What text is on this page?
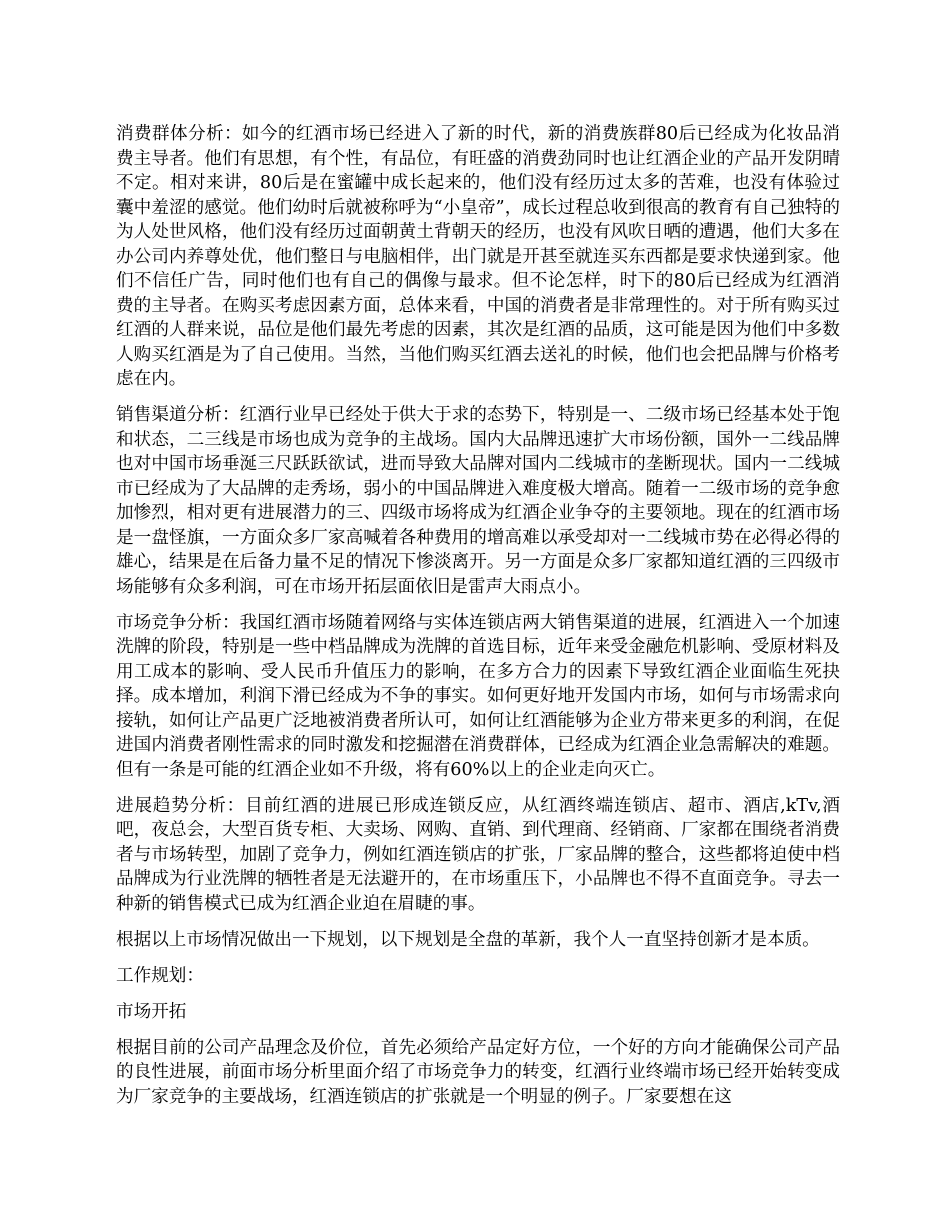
消费群体分析：如今的红酒市场已经进入了新的时代，新的消费族群80后已经成为化妆品消费主导者。他们有思想，有个性，有品位，有旺盛的消费劲同时也让红酒企业的产品开发阴晴不定。相对来讲，80后是在蜜罐中成长起来的，他们没有经历过太多的苦难，也没有体验过囊中羞涩的感觉。他们幼时后就被称呼为“小皇帝”，成长过程总收到很高的教育有自己独特的为人处世风格，他们没有经历过面朝黄土背朝天的经历，也没有风吹日晒的遭遇，他们大多在办公司内养尊处优，他们整日与电脑相伴，出门就是开甚至就连买东西都是要求快递到家。他们不信任广告，同时他们也有自己的偶像与最求。但不论怎样，时下的80后已经成为红酒消费的主导者。在购买考虑因素方面，总体来看，中国的消费者是非常理性的。对于所有购买过红酒的人群来说，品位是他们最先考虑的因素，其次是红酒的品质，这可能是因为他们中多数人购买红酒是为了自己使用。当然，当他们购买红酒去送礼的时候，他们也会把品牌与价格考虑在内。

销售渠道分析：红酒行业早已经处于供大于求的态势下，特别是一、二级市场已经基本处于饱和状态，二三线是市场也成为竞争的主战场。国内大品牌迅速扩大市场份额，国外一二线品牌也对中国市场垂涎三尺跃跃欲试，进而导致大品牌对国内二线城市的垄断现状。国内一二线城市已经成为了大品牌的走秀场，弱小的中国品牌进入难度极大增高。随着一二级市场的竞争愈加惨烈，相对更有进展潜力的三、四级市场将成为红酒企业争夺的主要领地。现在的红酒市场是一盘怪旗，一方面众多厂家高喊着各种费用的增高难以承受却对一二线城市势在必得必得的雄心，结果是在后备力量不足的情况下惨淡离开。另一方面是众多厂家都知道红酒的三四级市场能够有众多利润，可在市场开拓层面依旧是雷声大雨点小。

市场竞争分析：我国红酒市场随着网络与实体连锁店两大销售渠道的进展，红酒进入一个加速洗牌的阶段，特别是一些中档品牌成为洗牌的首选目标，近年来受金融危机影响、受原材料及用工成本的影响、受人民币升值压力的影响，在多方合力的因素下导致红酒企业面临生死抉择。成本增加，利润下滑已经成为不争的事实。如何更好地开发国内市场，如何与市场需求向接轨，如何让产品更广泛地被消费者所认可，如何让红酒能够为企业方带来更多的利润，在促进国内消费者刚性需求的同时激发和挖掘潜在消费群体，已经成为红酒企业急需解决的难题。但有一条是可能的红酒企业如不升级，将有60%以上的企业走向灭亡。

进展趋势分析：目前红酒的进展已形成连锁反应，从红酒终端连锁店、超市、酒店,kTv,酒吧，夜总会，大型百货专柜、大卖场、网购、直销、到代理商、经销商、厂家都在围绕者消费者与市场转型，加剧了竞争力，例如红酒连锁店的扩张，厂家品牌的整合，这些都将迫使中档品牌成为行业洗牌的牺牲者是无法避开的，在市场重压下，小品牌也不得不直面竞争。寻去一种新的销售模式已成为红酒企业迫在眉睫的事。

根据以上市场情况做出一下规划，以下规划是全盘的革新，我个人一直坚持创新才是本质。

工作规划：

市场开拓

根据目前的公司产品理念及价位，首先必须给产品定好方位，一个好的方向才能确保公司产品的良性进展，前面市场分析里面介绍了市场竞争力的转变，红酒行业终端市场已经开始转变成为厂家竞争的主要战场，红酒连锁店的扩张就是一个明显的例子。厂家要想在这
